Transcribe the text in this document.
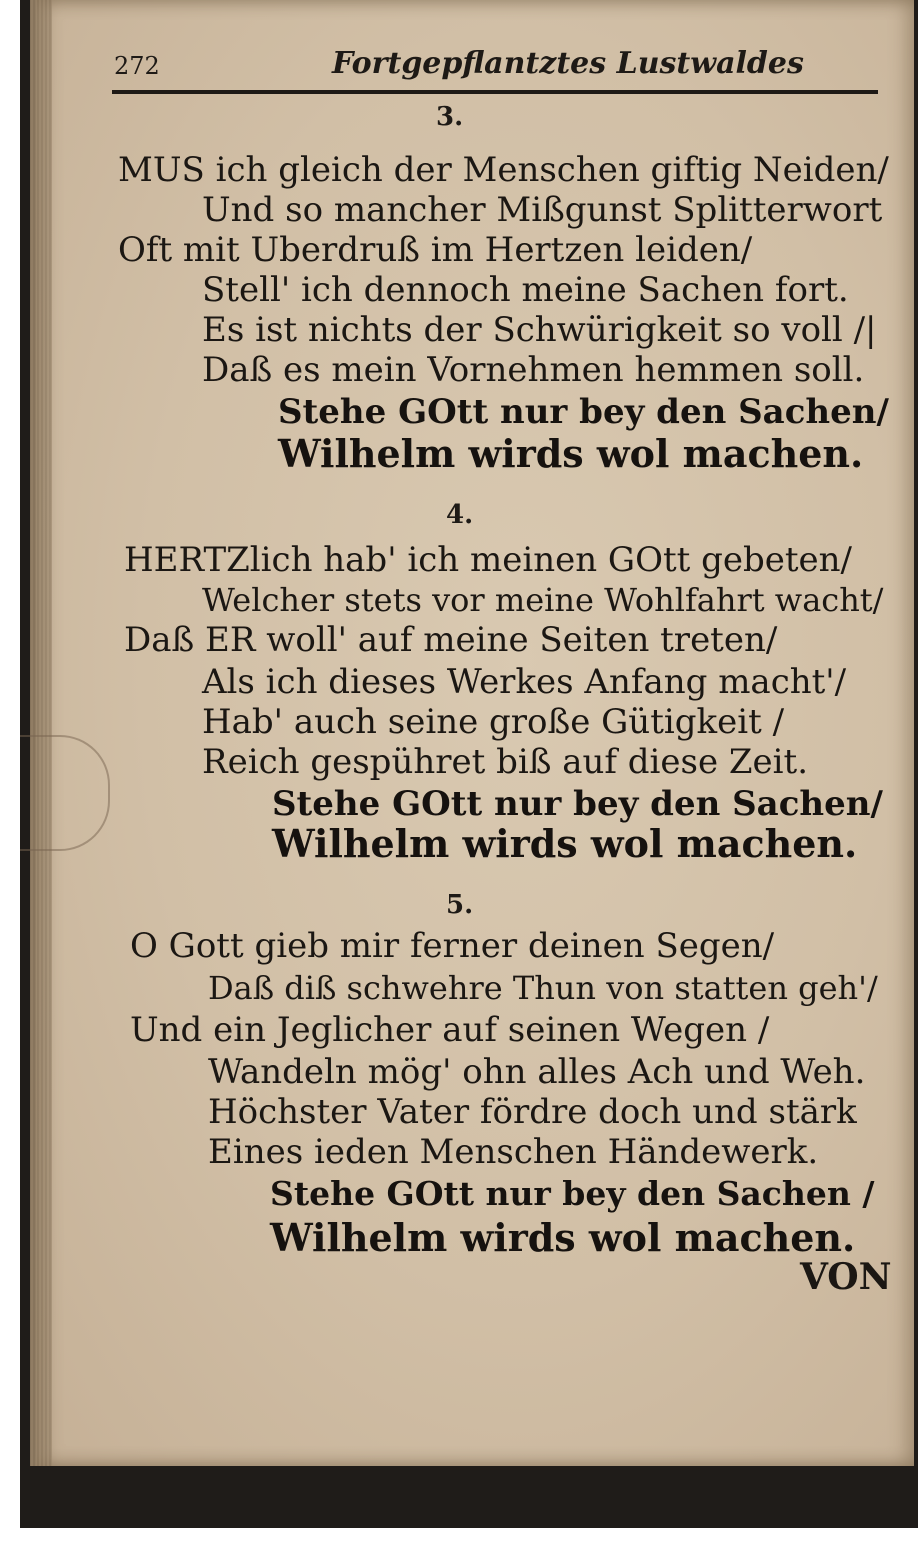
272	Fortgepflantztes Lustwaldes
3.
MUS ich gleich der Menschen giftig Neiden/
Und so mancher Mißgunst Splitterwort
Oft mit Uberdruß im Hertzen leiden/
Stell' ich dennoch meine Sachen fort.
Es ist nichts der Schwürigkeit so voll /|
Daß es mein Vornehmen hemmen soll.
Stehe GOtt nur bey den Sachen/
Wilhelm wirds wol machen.
4.
HERTZlich hab' ich meinen GOtt gebeten/
Welcher stets vor meine Wohlfahrt wacht/
Daß ER woll' auf meine Seiten treten/
Als ich dieses Werkes Anfang macht'/
Hab' auch seine große Gütigkeit /
Reich gespühret biß auf diese Zeit.
Stehe GOtt nur bey den Sachen/
Wilhelm wirds wol machen.
5.
O Gott gieb mir ferner deinen Segen/
Daß diß schwehre Thun von statten geh'/
Und ein Jeglicher auf seinen Wegen /
Wandeln mög' ohn alles Ach und Weh.
Höchster Vater fördre doch und stärk
Eines ieden Menschen Händewerk.
Stehe GOtt nur bey den Sachen /
Wilhelm wirds wol machen.
VON
